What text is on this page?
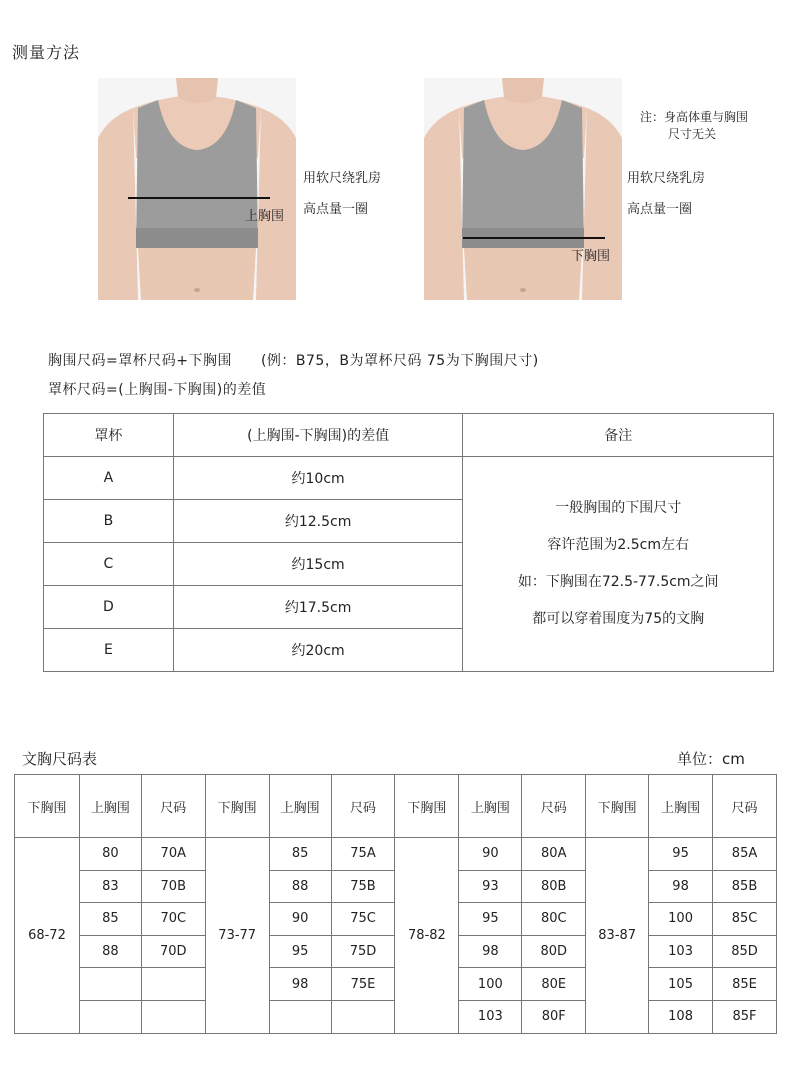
测量方法
上胸围
用软尺绕乳房
高点量一圈
下胸围
注：身高体重与胸围
尺寸无关
用软尺绕乳房
高点量一圈
胸围尺码=罩杯尺码+下胸围　　(例：B75，B为罩杯尺码 75为下胸围尺寸)
罩杯尺码=(上胸围-下胸围)的差值
罩杯	(上胸围-下胸围)的差值	备注
A	约10cm	一般胸围的下围尺寸
容许范围为2.5cm左右
如：下胸围在72.5-77.5cm之间
都可以穿着围度为75的文胸

B	约12.5cm	
C	约15cm	
D	约17.5cm	
E	约20cm	
文胸尺码表	单位：cm
下胸围	上胸围	尺码	下胸围	上胸围	尺码	下胸围	上胸围	尺码	下胸围	上胸围	尺码
68-72	80	70A	73-77	85	75A	78-82	90	80A	83-87	95	85A
	83	70B		88	75B		93	80B		98	85B
	85	70C		90	75C		95	80C		100	85C
	88	70D		95	75D		98	80D		103	85D
				98	75E		100	80E		105	85E
							103	80F		108	85F
